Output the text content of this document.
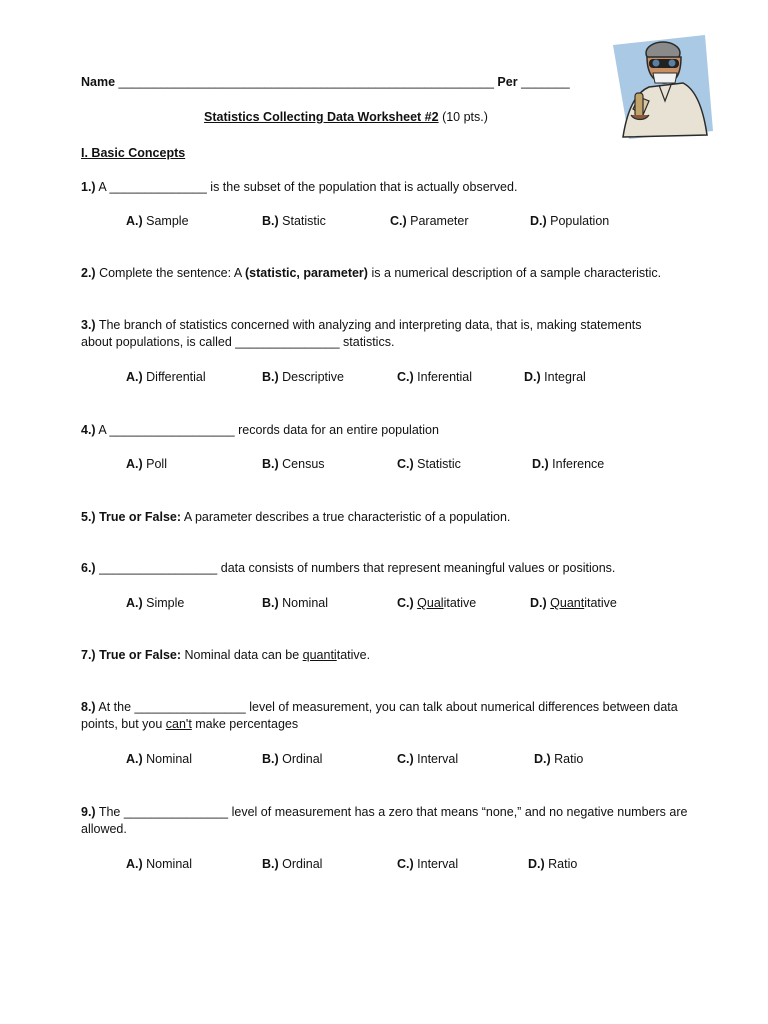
Name ______________________________________________________ Per _______
Statistics Collecting Data Worksheet #2 (10 pts.)
I. Basic Concepts
1.) A ______________ is the subset of the population that is actually observed.
A.) Sample	B.) Statistic	C.) Parameter	D.) Population
2.) Complete the sentence: A (statistic, parameter) is a numerical description of a sample characteristic.
3.) The branch of statistics concerned with analyzing and interpreting data, that is, making statements about populations, is called _______________ statistics.
A.) Differential	B.) Descriptive	C.) Inferential	D.) Integral
4.) A __________________ records data for an entire population
A.) Poll	B.) Census	C.) Statistic	D.) Inference
5.) True or False: A parameter describes a true characteristic of a population.
6.) _________________ data consists of numbers that represent meaningful values or positions.
A.) Simple	B.) Nominal	C.) Qualitative	D.) Quantitative
7.) True or False: Nominal data can be quantitative.
8.) At the ________________ level of measurement, you can talk about numerical differences between data points, but you can't make percentages
A.) Nominal	B.) Ordinal	C.) Interval	D.) Ratio
9.) The _______________ level of measurement has a zero that means “none,” and no negative numbers are allowed.
A.) Nominal	B.) Ordinal	C.) Interval	D.) Ratio
